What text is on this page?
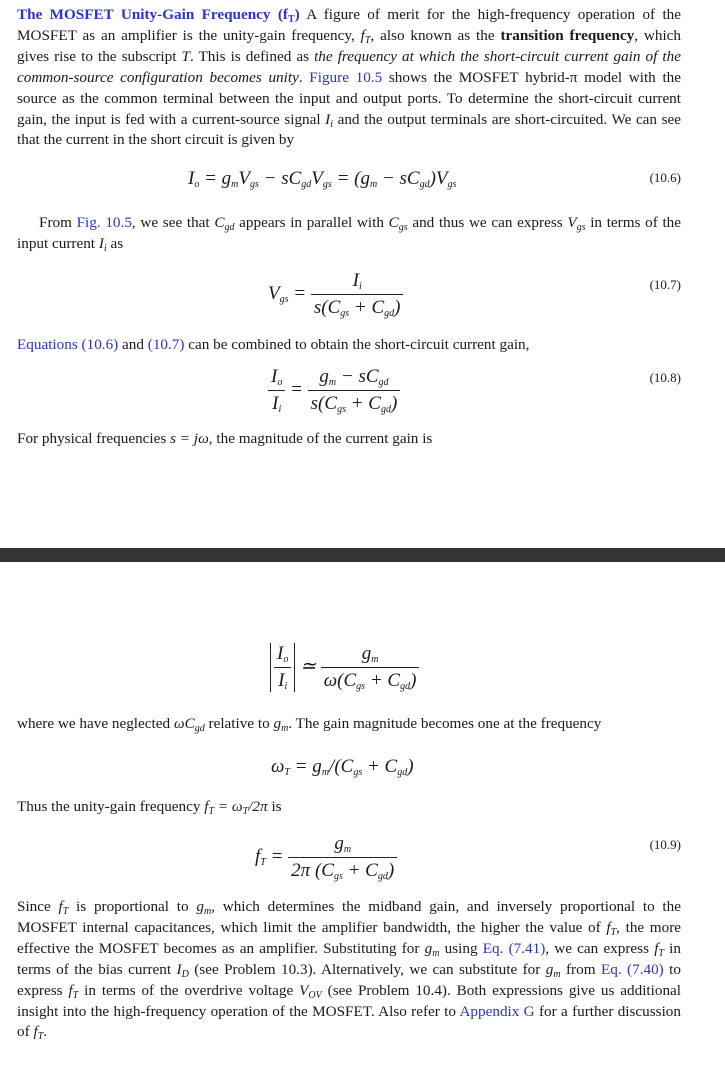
The MOSFET Unity-Gain Frequency $(f_T)$ A figure of merit for the high-frequency operation of the MOSFET as an amplifier is the unity-gain frequency, $f_T$, also known as the transition frequency, which gives rise to the subscript T. This is defined as the frequency at which the short-circuit current gain of the common-source configuration becomes unity. Figure 10.5 shows the MOSFET hybrid-π model with the source as the common terminal between the input and output ports. To determine the short-circuit current gain, the input is fed with a current-source signal $I_i$ and the output terminals are short-circuited. We can see that the current in the short circuit is given by
$I_o = g_mV_{gs} - sC_{gd}V_{gs} = (g_m - sC_{gd})V_{gs}$	(10.6)
From Fig. 10.5, we see that $C_{gd}$ appears in parallel with $C_{gs}$ and thus we can express $V_{gs}$ in terms of the input current $I_i$ as
$V_{gs} = \frac{I_i}{s(C_{gs} + C_{gd})}$	(10.7)
Equations (10.6) and (10.7) can be combined to obtain the short-circuit current gain,
$\frac{I_o}{I_i} = \frac{g_m - sC_{gd}}{s(C_{gs} + C_{gd})}$	(10.8)
For physical frequencies s = jω, the magnitude of the current gain is
$\frac{I_o}{I_i}$ ≃ $\frac{g_m}{\omega(C_{gs} + C_{gd})}$
where we have neglected $\omega C_{gd}$ relative to $g_m$. The gain magnitude becomes one at the frequency
$\omega_T = g_m/(C_{gs} + C_{gd})$
Thus the unity-gain frequency $f_T = \omega_T/2\pi$ is
$f_T = \frac{g_m}{2\pi (C_{gs} + C_{gd})}$	(10.9)
Since $f_T$ is proportional to $g_m$, which determines the midband gain, and inversely proportional to the MOSFET internal capacitances, which limit the amplifier bandwidth, the higher the value of $f_T$, the more effective the MOSFET becomes as an amplifier. Substituting for $g_m$ using Eq. (7.41), we can express $f_T$ in terms of the bias current $I_D$ (see Problem 10.3). Alternatively, we can substitute for $g_m$ from Eq. (7.40) to express $f_T$ in terms of the overdrive voltage $V_{OV}$ (see Problem 10.4). Both expressions give us additional insight into the high-frequency operation of the MOSFET. Also refer to Appendix G for a further discussion of $f_T$.
